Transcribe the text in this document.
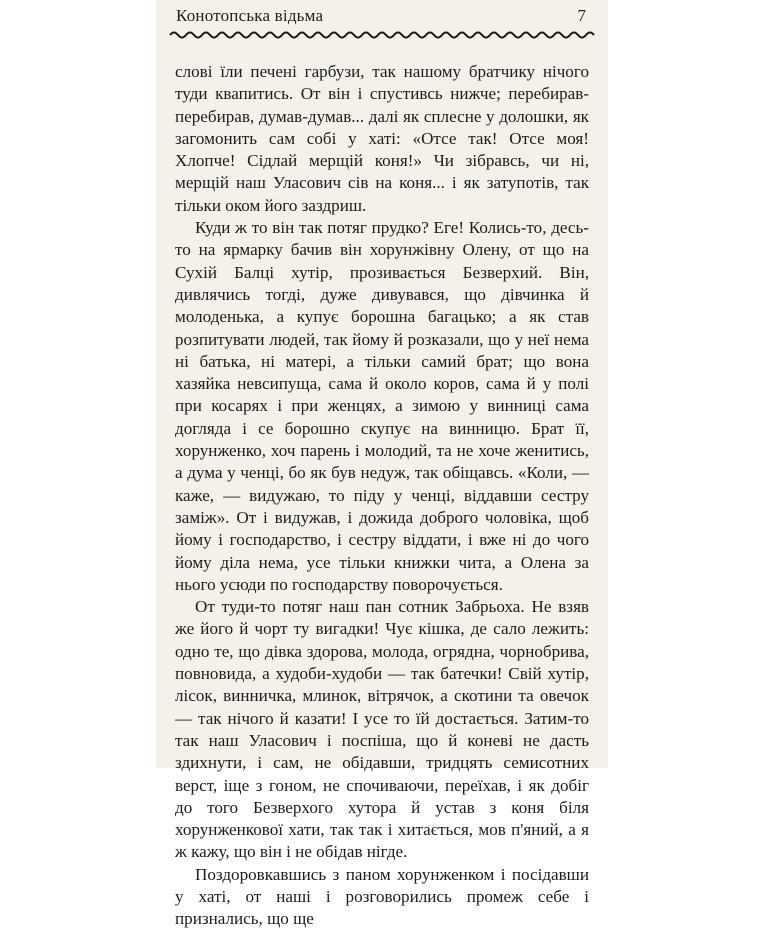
Конотопська відьма	7

слові їли печені гарбузи, так нашому братчику нічого туди квапитись. От він і спустивсь нижче; перебирав-перебирав, думав-думав... далі як сплесне у долошки, як загомонить сам собі у хаті: «Отсе так! Отсе моя! Хлопче! Сідлай мерщій коня!» Чи зібравсь, чи ні, мерщій наш Уласович сів на коня... і як затупотів, так тільки оком його заздриш.

Куди ж то він так потяг прудко? Еге! Колись-то, десь-то на ярмарку бачив він хорунжівну Олену, от що на Сухій Балці хутір, прозивається Безверхий. Він, дивлячись тогді, дуже дивувався, що дівчинка й молоденька, а купує борошна багацько; а як став розпитувати людей, так йому й розказали, що у неї нема ні батька, ні матері, а тільки самий брат; що вона хазяйка невсипуща, сама й около коров, сама й у полі при косарях і при женцях, а зимою у винниці сама догляда і се борошно скупує на винницю. Брат її, хорунженко, хоч парень і молодий, та не хоче женитись, а дума у ченці, бо як був недуж, так обіщавсь. «Коли, — каже, — видужаю, то піду у ченці, віддавши сестру заміж». От і видужав, і дожида доброго чоловіка, щоб йому і господарство, і сестру віддати, і вже ні до чого йому діла нема, усе тільки книжки чита, а Олена за нього усюди по господарству поворочується.

От туди-то потяг наш пан сотник Забрьоха. Не взяв же його й чорт ту вигадки! Чує кішка, де сало лежить: одно те, що дівка здорова, молода, огрядна, чорнобрива, повновида, а худоби-худоби — так батечки! Свій хутір, лісок, винничка, млинок, вітрячок, а скотини та овечок — так нічого й казати! І усе то їй достається. Затим-то так наш Уласович і поспіша, що й коневі не дасть здихнути, і сам, не обідавши, тридцять семисотних верст, іще з гоном, не спочиваючи, переїхав, і як добіг до того Безверхого хутора й устав з коня біля хорунженкової хати, так так і хитається, мов п'яний, а я ж кажу, що він і не обідав нігде.

Поздоровкавшись з паном хорунженком і посідавши у хаті, от наші і розговорились промеж себе і признались, що ще
